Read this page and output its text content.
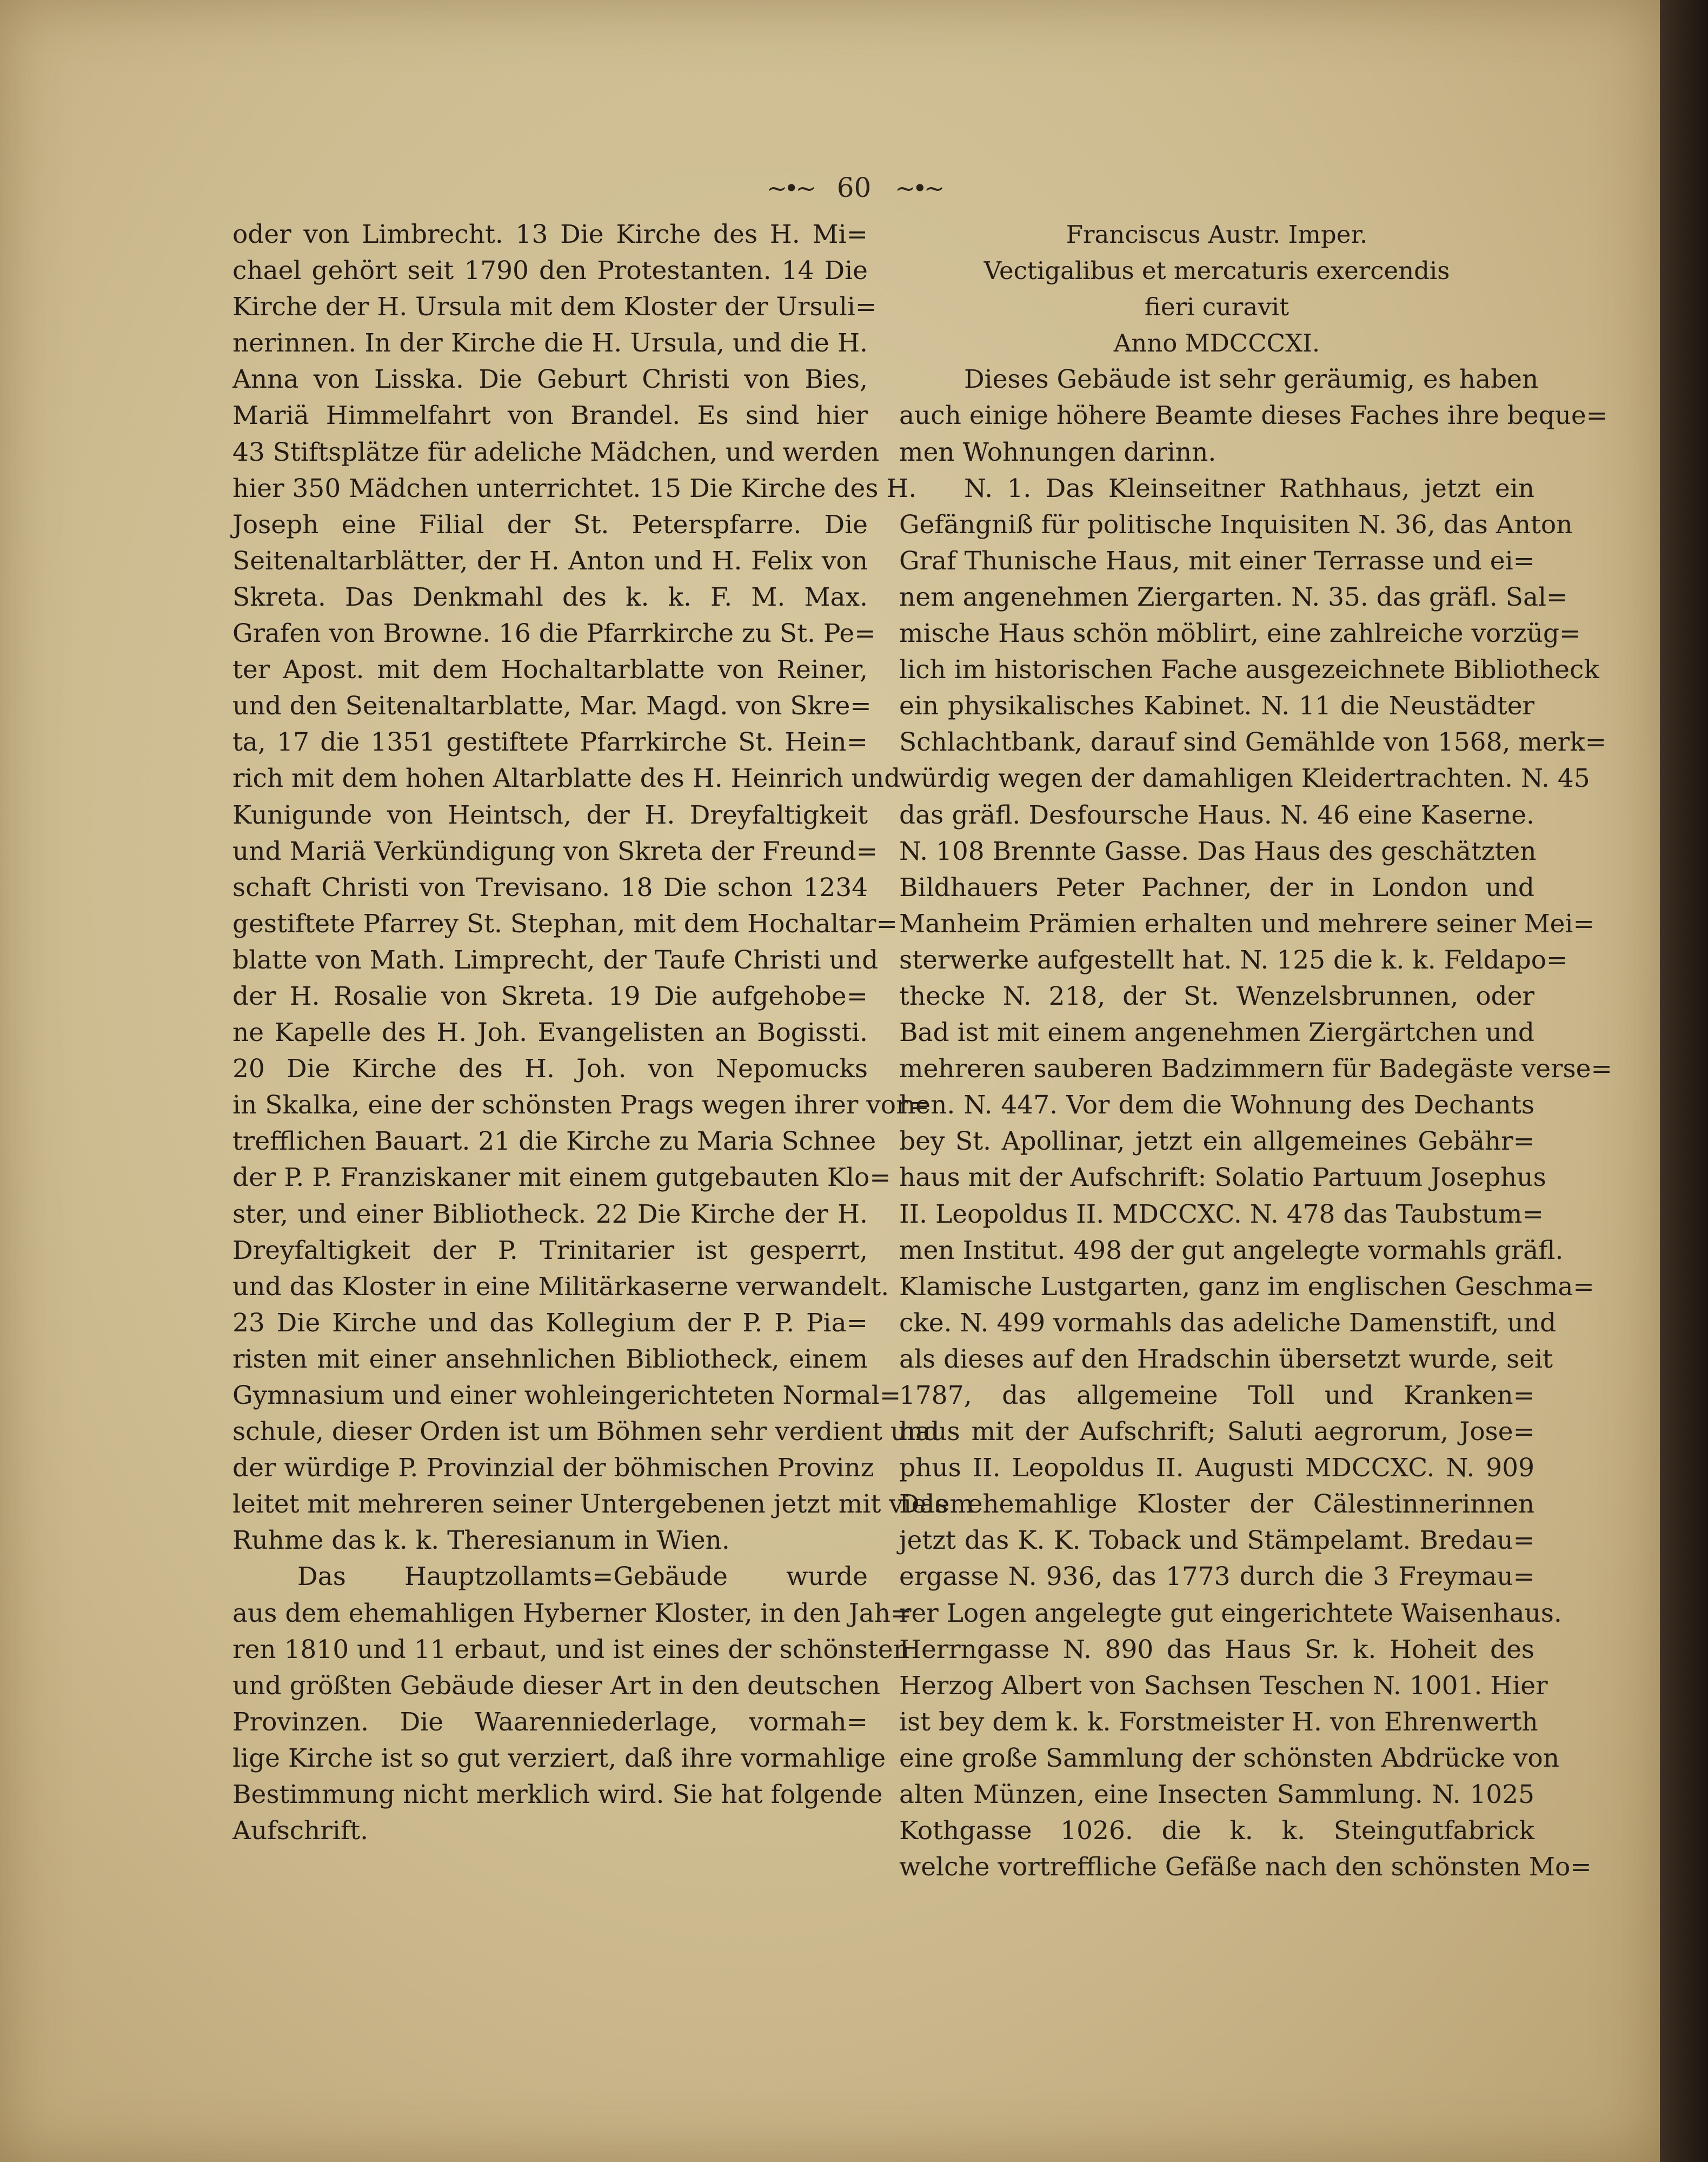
~•~ 60 ~•~
oder von Limbrecht. 13 Die Kirche des H. Mi=
chael gehört seit 1790 den Protestanten. 14 Die
Kirche der H. Ursula mit dem Kloster der Ursuli=
nerinnen. In der Kirche die H. Ursula, und die H.
Anna von Lisska. Die Geburt Christi von Bies,
Mariä Himmelfahrt von Brandel. Es sind hier
43 Stiftsplätze für adeliche Mädchen, und werden
hier 350 Mädchen unterrichtet. 15 Die Kirche des H.
Joseph eine Filial der St. Peterspfarre. Die
Seitenaltarblätter, der H. Anton und H. Felix von
Skreta. Das Denkmahl des k. k. F. M. Max.
Grafen von Browne. 16 die Pfarrkirche zu St. Pe=
ter Apost. mit dem Hochaltarblatte von Reiner,
und den Seitenaltarblatte, Mar. Magd. von Skre=
ta, 17 die 1351 gestiftete Pfarrkirche St. Hein=
rich mit dem hohen Altarblatte des H. Heinrich und
Kunigunde von Heintsch, der H. Dreyfaltigkeit
und Mariä Verkündigung von Skreta der Freund=
schaft Christi von Trevisano. 18 Die schon 1234
gestiftete Pfarrey St. Stephan, mit dem Hochaltar=
blatte von Math. Limprecht, der Taufe Christi und
der H. Rosalie von Skreta. 19 Die aufgehobe=
ne Kapelle des H. Joh. Evangelisten an Bogissti.
20 Die Kirche des H. Joh. von Nepomucks
in Skalka, eine der schönsten Prags wegen ihrer vor=
trefflichen Bauart. 21 die Kirche zu Maria Schnee
der P. P. Franziskaner mit einem gutgebauten Klo=
ster, und einer Bibliotheck. 22 Die Kirche der H.
Dreyfaltigkeit der P. Trinitarier ist gesperrt,
und das Kloster in eine Militärkaserne verwandelt.
23 Die Kirche und das Kollegium der P. P. Pia=
risten mit einer ansehnlichen Bibliotheck, einem
Gymnasium und einer wohleingerichteten Normal=
schule, dieser Orden ist um Böhmen sehr verdient und
der würdige P. Provinzial der böhmischen Provinz
leitet mit mehreren seiner Untergebenen jetzt mit vielem
Ruhme das k. k. Theresianum in Wien.
Das Hauptzollamts=Gebäude wurde
aus dem ehemahligen Hyberner Kloster, in den Jah=
ren 1810 und 11 erbaut, und ist eines der schönsten
und größten Gebäude dieser Art in den deutschen
Provinzen. Die Waarenniederlage, vormah=
lige Kirche ist so gut verziert, daß ihre vormahlige
Bestimmung nicht merklich wird. Sie hat folgende
Aufschrift.
Franciscus Austr. Imper.
Vectigalibus et mercaturis exercendis
fieri curavit
Anno MDCCCXI.
Dieses Gebäude ist sehr geräumig, es haben
auch einige höhere Beamte dieses Faches ihre beque=
men Wohnungen darinn.
N. 1. Das Kleinseitner Rathhaus, jetzt ein
Gefängniß für politische Inquisiten N. 36, das Anton
Graf Thunische Haus, mit einer Terrasse und ei=
nem angenehmen Ziergarten. N. 35. das gräfl. Sal=
mische Haus schön möblirt, eine zahlreiche vorzüg=
lich im historischen Fache ausgezeichnete Bibliotheck
ein physikalisches Kabinet. N. 11 die Neustädter
Schlachtbank, darauf sind Gemählde von 1568, merk=
würdig wegen der damahligen Kleidertrachten. N. 45
das gräfl. Desfoursche Haus. N. 46 eine Kaserne.
N. 108 Brennte Gasse. Das Haus des geschätzten
Bildhauers Peter Pachner, der in London und
Manheim Prämien erhalten und mehrere seiner Mei=
sterwerke aufgestellt hat. N. 125 die k. k. Feldapo=
thecke N. 218, der St. Wenzelsbrunnen, oder
Bad ist mit einem angenehmen Ziergärtchen und
mehreren sauberen Badzimmern für Badegäste verse=
hen. N. 447. Vor dem die Wohnung des Dechants
bey St. Apollinar, jetzt ein allgemeines Gebähr=
haus mit der Aufschrift: Solatio Partuum Josephus
II. Leopoldus II. MDCCXC. N. 478 das Taubstum=
men Institut. 498 der gut angelegte vormahls gräfl.
Klamische Lustgarten, ganz im englischen Geschma=
cke. N. 499 vormahls das adeliche Damenstift, und
als dieses auf den Hradschin übersetzt wurde, seit
1787, das allgemeine Toll und Kranken=
haus mit der Aufschrift; Saluti aegrorum, Jose=
phus II. Leopoldus II. Augusti MDCCXC. N. 909
Das ehemahlige Kloster der Cälestinnerinnen
jetzt das K. K. Toback und Stämpelamt. Bredau=
ergasse N. 936, das 1773 durch die 3 Freymau=
rer Logen angelegte gut eingerichtete Waisenhaus.
Herrngasse N. 890 das Haus Sr. k. Hoheit des
Herzog Albert von Sachsen Teschen N. 1001. Hier
ist bey dem k. k. Forstmeister H. von Ehrenwerth
eine große Sammlung der schönsten Abdrücke von
alten Münzen, eine Insecten Sammlung. N. 1025
Kothgasse 1026. die k. k. Steingutfabrick
welche vortreffliche Gefäße nach den schönsten Mo=
